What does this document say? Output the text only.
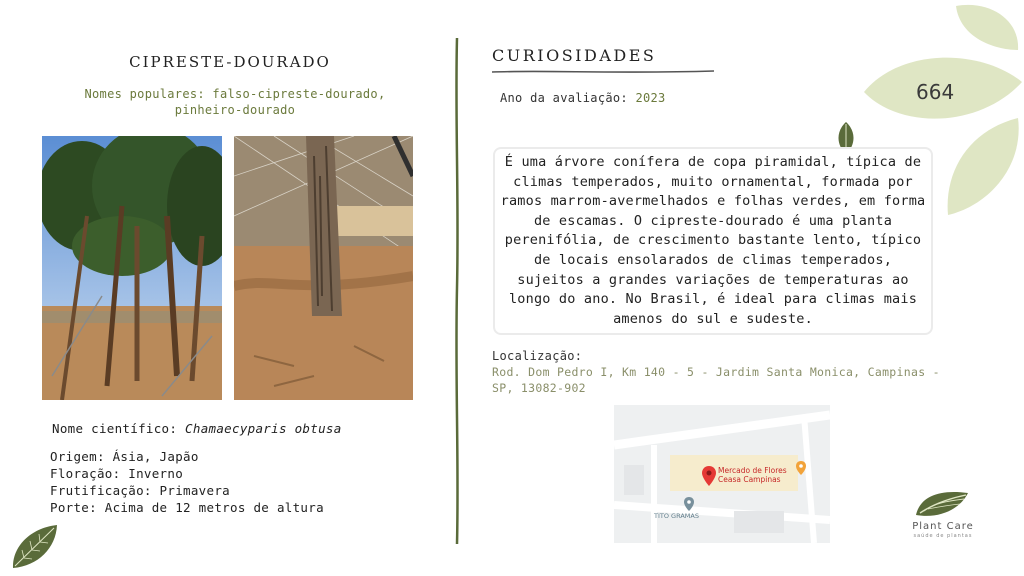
664
CIPRESTE-DOURADO
Nomes populares: falso-cipreste-dourado, pinheiro-dourado
Nome científico: Chamaecyparis obtusa
Origem: Ásia, Japão
Floração: Inverno
Frutificação: Primavera
Porte: Acima de 12 metros de altura
CURIOSIDADES
Ano da avaliação: 2023
É uma árvore conífera de copa piramidal, típica de climas temperados, muito ornamental, formada por ramos marrom-avermelhados e folhas verdes, em forma de escamas. O cipreste-dourado é uma planta perenifólia, de crescimento bastante lento, típico de locais ensolarados de climas temperados, sujeitos a grandes variações de temperaturas ao longo do ano. No Brasil, é ideal para climas mais amenos do sul e sudeste.
Localização:
Rod. Dom Pedro I, Km 140 - 5 - Jardim Santa Monica, Campinas - SP, 13082-902
Mercado de Flores
Ceasa Campinas
TITO GRAMAS
Plant Care
saúde de plantas
